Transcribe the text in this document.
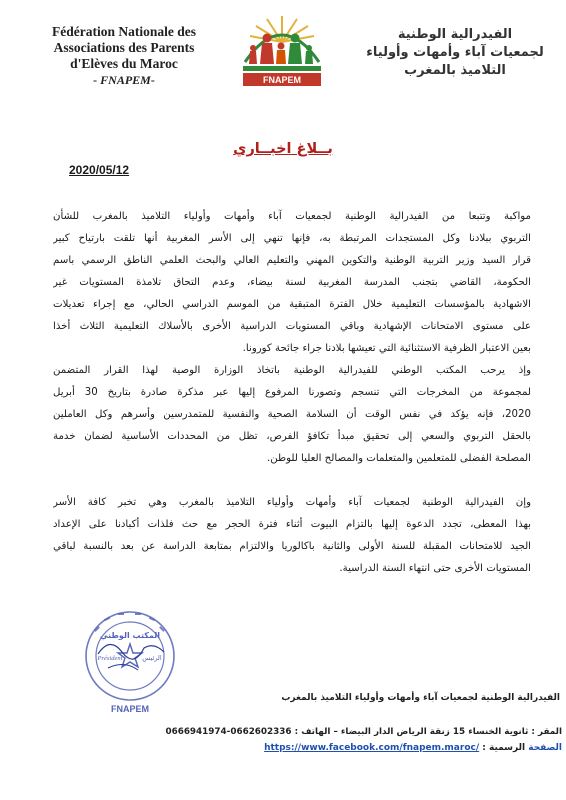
Fédération Nationale des
Associations des Parents
d'Elèves du Maroc
- FNAPEM-	FNAPEM
الفيدرالية الوطنية
لجمعيات آباء وأمهات وأولياء
التلاميذ بالمغرب
بــلاغ اخبــاري
2020/05/12
مواكبة وتتبعا من الفيدرالية الوطنية لجمعيات آباء وأمهات وأولياء التلاميذ بالمغرب للشأن
التربوي ببلادنا وكل المستجدات المرتبطة به، فإنها تنهي إلى الأسر المغربية أنها تلقت بارتياح كبير
قرار السيد وزير التربية الوطنية والتكوين المهني والتعليم العالي والبحث العلمي الناطق الرسمي باسم
الحكومة، القاضي بتجنب المدرسة المغربية لسنة بيضاء، وعدم التحاق تلامذة المستويات غير
الاشهادية بالمؤسسات التعليمية خلال الفترة المتبقية من الموسم الدراسي الحالي، مع إجراء تعديلات
على مستوى الامتحانات الإشهادية وباقي المستويات الدراسية الأخرى بالأسلاك التعليمية الثلاث أخذا
بعين الاعتبار الظرفية الاستثنائية التي تعيشها بلادنا جراء جائحة كورونا.
وإذ يرحب المكتب الوطني للفيدرالية الوطنية باتخاذ الوزارة الوصية لهذا القرار المتضمن
لمجموعة من المخرجات التي تنسجم وتصورنا المرفوع إليها عبر مذكرة صادرة بتاريخ 30 أبريل
2020، فإنه يؤكد في نفس الوقت أن السلامة الصحية والنفسية للمتمدرسين وأسرهم وكل العاملين
بالحقل التربوي والسعي إلى تحقيق مبدأ تكافؤ الفرص، تظل من المحددات الأساسية لضمان خدمة
المصلحة الفضلى للمتعلمين والمتعلمات والمصالح العليا للوطن.
وإن الفيدرالية الوطنية لجمعيات آباء وأمهات وأولياء التلاميذ بالمغرب وهي تخبر كافة الأسر
بهذا المعطى، تجدد الدعوة إليها بالتزام البيوت أثناء فترة الحجر مع حث فلذات أكبادنا على الإعداد
الجيد للامتحانات المقبلة للسنة الأولى والثانية باكالوريا والالتزام بمتابعة الدراسة عن بعد بالنسبة لباقي
المستويات الأخرى حتى انتهاء السنة الدراسية.
المكتب الوطني
Président	الرئيس
FNAPEM
الفيدرالية الوطنية لجمعيات آباء وأمهات وأولياء التلاميذ بالمغرب
المقر : ثانوية الخنساء 15 زنقة الرياض الدار البيضاء – الهاتف : 0662602336-0666941974
الصفحة الرسمية : https://www.facebook.com/fnapem.maroc/
